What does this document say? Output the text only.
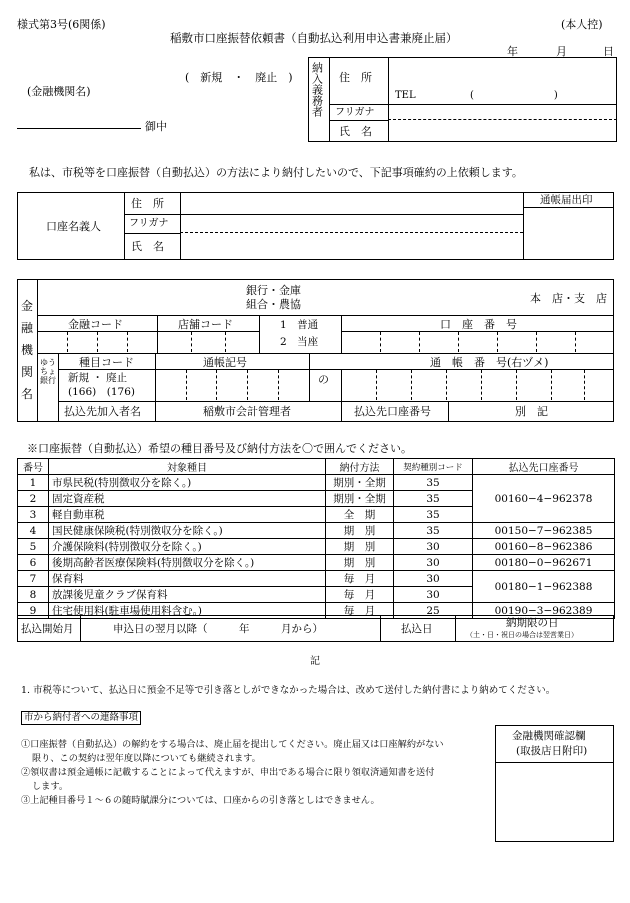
様式第3号(6関係)	(本人控)
稲敷市口座振替依頼書（自動払込利用申込書兼廃止届）
年	月	日
(金融機関名)
(　新規　・　廃止　)
御中
納入義務者 住　所
TEL	(　　　　　　　　)
フリガナ
氏　名
私は、市税等を口座振替（自動払込）の方法により納付したいので、下記事項確約の上依頼します。
口座名義人
住　所
フリガナ
氏　名
通帳届出印
金融機関名
銀行・金庫
組合・農協	本　店・支　店
金融コード	店舗コード	1　普通
2　当座
口　座　番　号
ゆうちょ銀行
種目コード	通帳記号	通　帳　番　号(右ヅメ)
新規 ・ 廃止
(166)　(176)
の
払込先加入者名	稲敷市会計管理者	払込先口座番号	別　記
※口座振替（自動払込）希望の種目番号及び納付方法を〇で囲んでください。
番号	対象種目	納付方法	契約種別コード	払込先口座番号
1	市県民税(特別徴収分を除く。)	期別・全期	35	00160−4−962378
2	固定資産税	期別・全期	35	
3	軽自動車税	全　期	35	
4	国民健康保険税(特別徴収分を除く。)	期　別	35	00150−7−962385
5	介護保険料(特別徴収分を除く。)	期　別	30	00160−8−962386
6	後期高齢者医療保険料(特別徴収分を除く。)	期　別	30	00180−0−962671
7	保育料	毎　月	30	00180−1−962388
8	放課後児童クラブ保育料	毎　月	30	
9	住宅使用料(駐車場使用料含む。)	毎　月	25	00190−3−962389
払込開始月	申込日の翌月以降（　　　年　　　月から）	払込日	納期限の日
（土・日・祝日の場合は翌営業日）
記
1. 市税等について、払込日に預金不足等で引き落としができなかった場合は、改めて送付した納付書により納めてください。
市から納付者への連絡事項
①口座振替（自動払込）の解約をする場合は、廃止届を提出してください。廃止届又は口座解約がない
限り、この契約は翌年度以降についても継続されます。
②領収書は預金通帳に記載することによって代えますが、申出である場合に限り領収済通知書を送付
します。
③上記種目番号１～６の随時賦課分については、口座からの引き落としはできません。
金融機関確認欄
(取扱店日附印)
